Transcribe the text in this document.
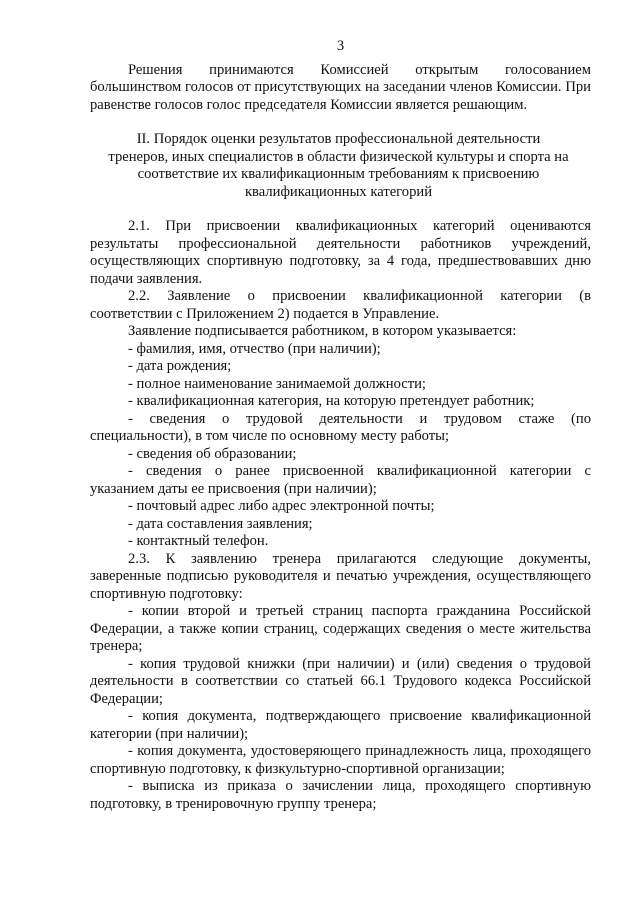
3

Решения принимаются Комиссией открытым голосованием большинством голосов от присутствующих на заседании членов Комиссии. При равенстве голосов голос председателя Комиссии является решающим.

II. Порядок оценки результатов профессиональной деятельности
тренеров, иных специалистов в области физической культуры и спорта на
соответствие их квалификационным требованиям к присвоению
квалификационных категорий

2.1. При присвоении квалификационных категорий оцениваются результаты профессиональной деятельности работников учреждений, осуществляющих спортивную подготовку, за 4 года, предшествовавших дню подачи заявления.

2.2. Заявление о присвоении квалификационной категории (в соответствии с Приложением 2) подается в Управление.

Заявление подписывается работником, в котором указывается:

- фамилия, имя, отчество (при наличии);

- дата рождения;

- полное наименование занимаемой должности;

- квалификационная категория, на которую претендует работник;

- сведения о трудовой деятельности и трудовом стаже (по специальности), в том числе по основному месту работы;

- сведения об образовании;

- сведения о ранее присвоенной квалификационной категории с указанием даты ее присвоения (при наличии);

- почтовый адрес либо адрес электронной почты;

- дата составления заявления;

- контактный телефон.

2.3. К заявлению тренера прилагаются следующие документы, заверенные подписью руководителя и печатью учреждения, осуществляющего спортивную подготовку:

- копии второй и третьей страниц паспорта гражданина Российской Федерации, а также копии страниц, содержащих сведения о месте жительства тренера;

- копия трудовой книжки (при наличии) и (или) сведения о трудовой деятельности в соответствии со статьей 66.1 Трудового кодекса Российской Федерации;

- копия документа, подтверждающего присвоение квалификационной категории (при наличии);

- копия документа, удостоверяющего принадлежность лица, проходящего спортивную подготовку, к физкультурно-спортивной организации;

- выписка из приказа о зачислении лица, проходящего спортивную подготовку, в тренировочную группу тренера;
